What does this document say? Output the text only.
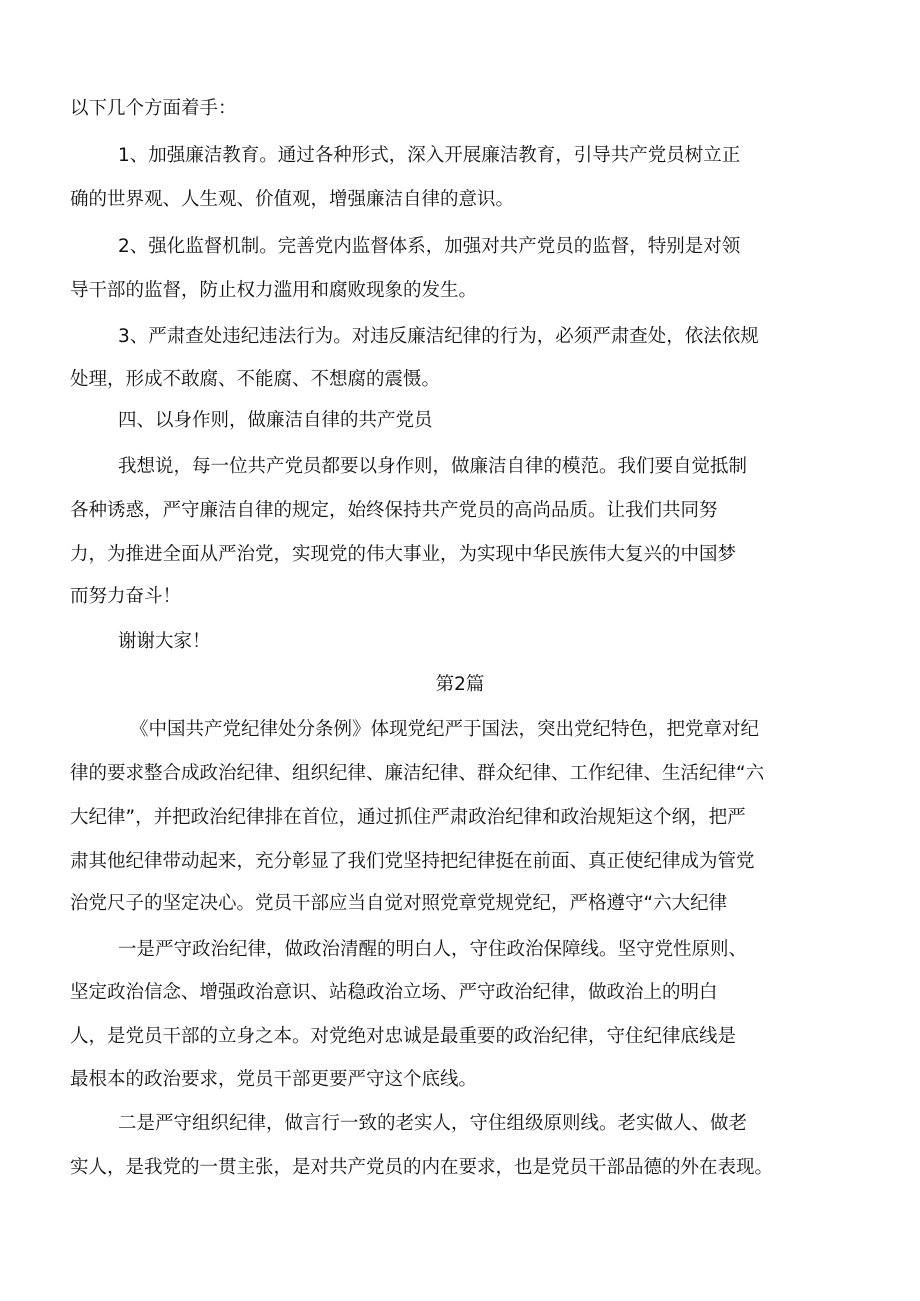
以下几个方面着手：
1、加强廉洁教育。通过各种形式，深入开展廉洁教育，引导共产党员树立正
确的世界观、人生观、价值观，增强廉洁自律的意识。
2、强化监督机制。完善党内监督体系，加强对共产党员的监督，特别是对领
导干部的监督，防止权力滥用和腐败现象的发生。
3、严肃查处违纪违法行为。对违反廉洁纪律的行为，必须严肃查处，依法依规
处理，形成不敢腐、不能腐、不想腐的震慑。
四、以身作则，做廉洁自律的共产党员
我想说，每一位共产党员都要以身作则，做廉洁自律的模范。我们要自觉抵制
各种诱惑，严守廉洁自律的规定，始终保持共产党员的高尚品质。让我们共同努
力，为推进全面从严治党，实现党的伟大事业，为实现中华民族伟大复兴的中国梦
而努力奋斗！
谢谢大家！
第2篇
《中国共产党纪律处分条例》体现党纪严于国法，突出党纪特色，把党章对纪
律的要求整合成政治纪律、组织纪律、廉洁纪律、群众纪律、工作纪律、生活纪律“六
大纪律”，并把政治纪律排在首位，通过抓住严肃政治纪律和政治规矩这个纲，把严
肃其他纪律带动起来，充分彰显了我们党坚持把纪律挺在前面、真正使纪律成为管党
治党尺子的坚定决心。党员干部应当自觉对照党章党规党纪，严格遵守“六大纪律
一是严守政治纪律，做政治清醒的明白人，守住政治保障线。坚守党性原则、
坚定政治信念、增强政治意识、站稳政治立场、严守政治纪律，做政治上的明白
人，是党员干部的立身之本。对党绝对忠诚是最重要的政治纪律，守住纪律底线是
最根本的政治要求，党员干部更要严守这个底线。
二是严守组织纪律，做言行一致的老实人，守住组级原则线。老实做人、做老
实人，是我党的一贯主张，是对共产党员的内在要求，也是党员干部品德的外在表现。
